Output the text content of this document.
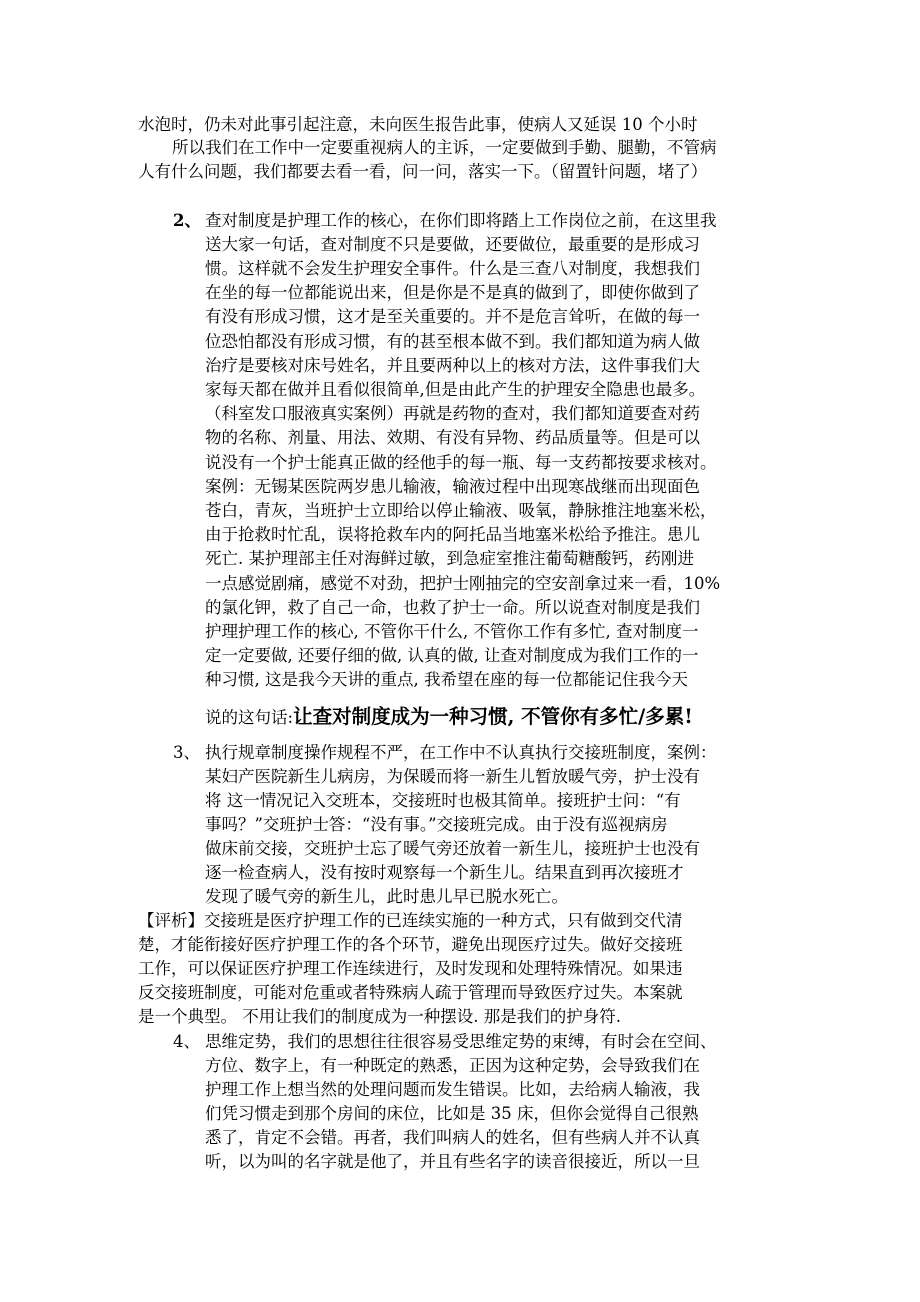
水泡时，仍未对此事引起注意，未向医生报告此事，使病人又延误 10 个小时
所以我们在工作中一定要重视病人的主诉，一定要做到手勤、腿勤，不管病
人有什么问题，我们都要去看一看，问一问，落实一下。（留置针问题，堵了）
2、 查对制度是护理工作的核心，在你们即将踏上工作岗位之前，在这里我
送大家一句话，查对制度不只是要做，还要做位，最重要的是形成习
惯。这样就不会发生护理安全事件。什么是三查八对制度，我想我们
在坐的每一位都能说出来，但是你是不是真的做到了，即使你做到了
有没有形成习惯，这才是至关重要的。并不是危言耸听，在做的每一
位恐怕都没有形成习惯，有的甚至根本做不到。我们都知道为病人做
治疗是要核对床号姓名，并且要两种以上的核对方法，这件事我们大
家每天都在做并且看似很简单,但是由此产生的护理安全隐患也最多。
（科室发口服液真实案例）再就是药物的查对，我们都知道要查对药
物的名称、剂量、用法、效期、有没有异物、药品质量等。但是可以
说没有一个护士能真正做的经他手的每一瓶、每一支药都按要求核对。
案例：无锡某医院两岁患儿输液，输液过程中出现寒战继而出现面色
苍白，青灰，当班护士立即给以停止输液、吸氧，静脉推注地塞米松，
由于抢救时忙乱，误将抢救车内的阿托品当地塞米松给予推注。患儿
死亡. 某护理部主任对海鲜过敏，到急症室推注葡萄糖酸钙，药刚进
一点感觉剧痛，感觉不对劲，把护士刚抽完的空安剖拿过来一看，10%
的氯化钾，救了自己一命，也救了护士一命。所以说查对制度是我们
护理护理工作的核心, 不管你干什么, 不管你工作有多忙, 查对制度一
定一定要做, 还要仔细的做, 认真的做, 让查对制度成为我们工作的一
种习惯, 这是我今天讲的重点, 我希望在座的每一位都能记住我今天
说的这句话:让查对制度成为一种习惯, 不管你有多忙/多累!
3、 执行规章制度操作规程不严，在工作中不认真执行交接班制度，案例：
某妇产医院新生儿病房，为保暖而将一新生儿暂放暖气旁，护士没有
将 这一情况记入交班本，交接班时也极其简单。接班护士问：“有
事吗？”交班护士答：“没有事。”交接班完成。由于没有巡视病房
做床前交接，交班护士忘了暖气旁还放着一新生儿，接班护士也没有
逐一检查病人，没有按时观察每一个新生儿。结果直到再次接班才
发现了暖气旁的新生儿，此时患儿早已脱水死亡。
【评析】交接班是医疗护理工作的已连续实施的一种方式，只有做到交代清
楚，才能衔接好医疗护理工作的各个环节，避免出现医疗过失。做好交接班
工作，可以保证医疗护理工作连续进行，及时发现和处理特殊情况。如果违
反交接班制度，可能对危重或者特殊病人疏于管理而导致医疗过失。本案就
是一个典型。 不用让我们的制度成为一种摆设. 那是我们的护身符.
4、 思维定势，我们的思想往往很容易受思维定势的束缚，有时会在空间、
方位、数字上，有一种既定的熟悉，正因为这种定势，会导致我们在
护理工作上想当然的处理问题而发生错误。比如，去给病人输液，我
们凭习惯走到那个房间的床位，比如是 35 床，但你会觉得自己很熟
悉了，肯定不会错。再者，我们叫病人的姓名，但有些病人并不认真
听，以为叫的名字就是他了，并且有些名字的读音很接近，所以一旦
